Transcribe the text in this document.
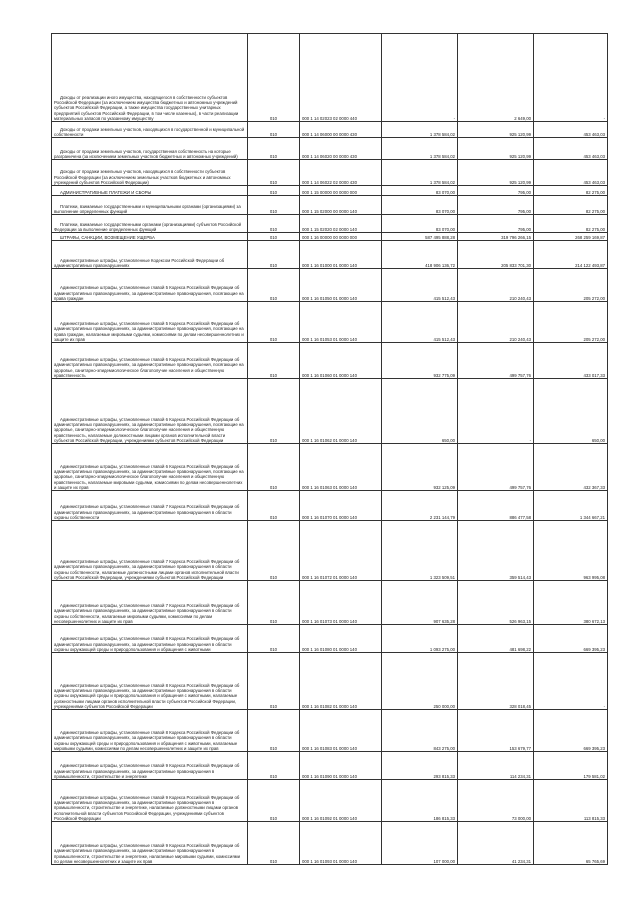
Доходы от реализации иного имущества, находящегося в собственности субъектов Российской Федерации (за исключением имущества бюджетных и автономных учреждений субъектов Российской Федерации, а также имущества государственных унитарных предприятий субъектов Российской Федерации, в том числе казенных), в части реализации материальных запасов по указанному имуществу	010	000 1 14 02023 02 0000 440	-	2 649,00	-
Доходы от продажи земельных участков, находящихся в государственной и муниципальной собственности	010	000 1 14 06000 00 0000 430	1 378 584,02	925 120,99	453 463,03
Доходы от продажи земельных участков, государственная собственность на которые разграничена (за исключением земельных участков бюджетных и автономных учреждений)	010	000 1 14 06020 00 0000 430	1 378 584,02	925 120,99	453 463,03
Доходы от продажи земельных участков, находящихся в собственности субъектов Российской Федерации (за исключением земельных участков бюджетных и автономных учреждений субъектов Российской Федерации)	010	000 1 14 06022 02 0000 430	1 378 584,02	925 120,99	453 463,03
АДМИНИСТРАТИВНЫЕ ПЛАТЕЖИ И СБОРЫ	010	000 1 15 00000 00 0000 000	83 070,00	795,00	82 275,00
Платежи, взимаемые государственными и муниципальными органами (организациями) за выполнение определенных функций	010	000 1 15 02000 00 0000 140	83 070,00	795,00	82 275,00
Платежи, взимаемые государственными органами (организациями) субъектов Российской Федерации за выполнение определенных функций	010	000 1 15 02020 02 0000 140	83 070,00	795,00	82 275,00
ШТРАФЫ, САНКЦИИ, ВОЗМЕЩЕНИЕ УЩЕРБА	010	000 1 16 00000 00 0000 000	587 495 888,28	319 796 266,15	268 259 169,87
Административные штрафы, установленные Кодексом Российской Федерации об административных правонарушениях	010	000 1 16 01000 01 0000 140	418 906 136,72	205 833 701,30	214 122 493,87
Административные штрафы, установленные главой 5 Кодекса Российской Федерации об административных правонарушениях, за административные правонарушения, посягающие на права граждан	010	000 1 16 01050 01 0000 140	415 512,43	210 240,43	205 272,00
Административные штрафы, установленные главой 5 Кодекса Российской Федерации об административных правонарушениях, за административные правонарушения, посягающие на права граждан, налагаемые мировыми судьями, комиссиями по делам несовершеннолетних и защите их прав	010	000 1 16 01053 01 0000 140	415 512,43	210 240,43	205 272,00
Административные штрафы, установленные главой 6 Кодекса Российской Федерации об административных правонарушениях, за административные правонарушения, посягающие на здоровье, санитарно-эпидемиологическое благополучие населения и общественную нравственность	010	000 1 16 01060 01 0000 140	932 775,09	499 757,76	433 017,33
Административные штрафы, установленные главой 6 Кодекса Российской Федерации об административных правонарушениях, за административные правонарушения, посягающие на здоровье, санитарно-эпидемиологическое благополучие населения и общественную нравственность, налагаемые должностными лицами органов исполнительной власти субъектов Российской Федерации, учреждениями субъектов Российской Федерации	010	000 1 16 01062 01 0000 140	650,00	-	650,00
Административные штрафы, установленные главой 6 Кодекса Российской Федерации об административных правонарушениях, за административные правонарушения, посягающие на здоровье, санитарно-эпидемиологическое благополучие населения и общественную нравственность, налагаемые мировыми судьями, комиссиями по делам несовершеннолетних и защите их прав	010	000 1 16 01063 01 0000 140	932 125,09	499 757,76	432 367,33
Административные штрафы, установленные главой 7 Кодекса Российской Федерации об административных правонарушениях, за административные правонарушения в области охраны собственности	010	000 1 16 01070 01 0000 140	2 231 144,79	886 477,58	1 344 667,21
Административные штрафы, установленные главой 7 Кодекса Российской Федерации об административных правонарушениях, за административные правонарушения в области охраны собственности, налагаемые должностными лицами органов исполнительной власти субъектов Российской Федерации, учреждениями субъектов Российской Федерации	010	000 1 16 01072 01 0000 140	1 323 509,51	359 514,43	963 995,08
Административные штрафы, установленные главой 7 Кодекса Российской Федерации об административных правонарушениях, за административные правонарушения в области охраны собственности, налагаемые мировыми судьями, комиссиями по делам несовершеннолетних и защите их прав	010	000 1 16 01073 01 0000 140	907 635,28	526 963,15	380 672,13
Административные штрафы, установленные главой 8 Кодекса Российской Федерации об административных правонарушениях, за административные правонарушения в области охраны окружающей среды и природопользования и обращения с животными	010	000 1 16 01080 01 0000 140	1 093 275,00	481 698,22	669 395,23
Административные штрафы, установленные главой 8 Кодекса Российской Федерации об административных правонарушениях, за административные правонарушения в области охраны окружающей среды и природопользования и обращения с животными, налагаемые должностными лицами органов исполнительной власти субъектов Российской Федерации, учреждениями субъектов Российской Федерации	010	000 1 16 01082 01 0000 140	250 000,00	328 018,45	-
Административные штрафы, установленные главой 8 Кодекса Российской Федерации об административных правонарушениях, за административные правонарушения в области охраны окружающей среды и природопользования и обращения с животными, налагаемые мировыми судьями, комиссиями по делам несовершеннолетних и защите их прав	010	000 1 16 01083 01 0000 140	843 275,00	153 679,77	669 395,23
Административные штрафы, установленные главой 9 Кодекса Российской Федерации об административных правонарушениях, за административные правонарушения в промышленности, строительстве и энергетике	010	000 1 16 01090 01 0000 140	293 815,33	114 234,31	179 581,02
Административные штрафы, установленные главой 9 Кодекса Российской Федерации об административных правонарушениях, за административные правонарушения в промышленности, строительстве и энергетике, налагаемые должностными лицами органов исполнительной власти субъектов Российской Федерации, учреждениями субъектов Российской Федерации	010	000 1 16 01092 01 0000 140	186 815,33	73 000,00	113 815,33
Административные штрафы, установленные главой 9 Кодекса Российской Федерации об административных правонарушениях, за административные правонарушения в промышленности, строительстве и энергетике, налагаемые мировыми судьями, комиссиями по делам несовершеннолетних и защите их прав	010	000 1 16 01093 01 0000 140	107 000,00	41 234,31	65 765,69
